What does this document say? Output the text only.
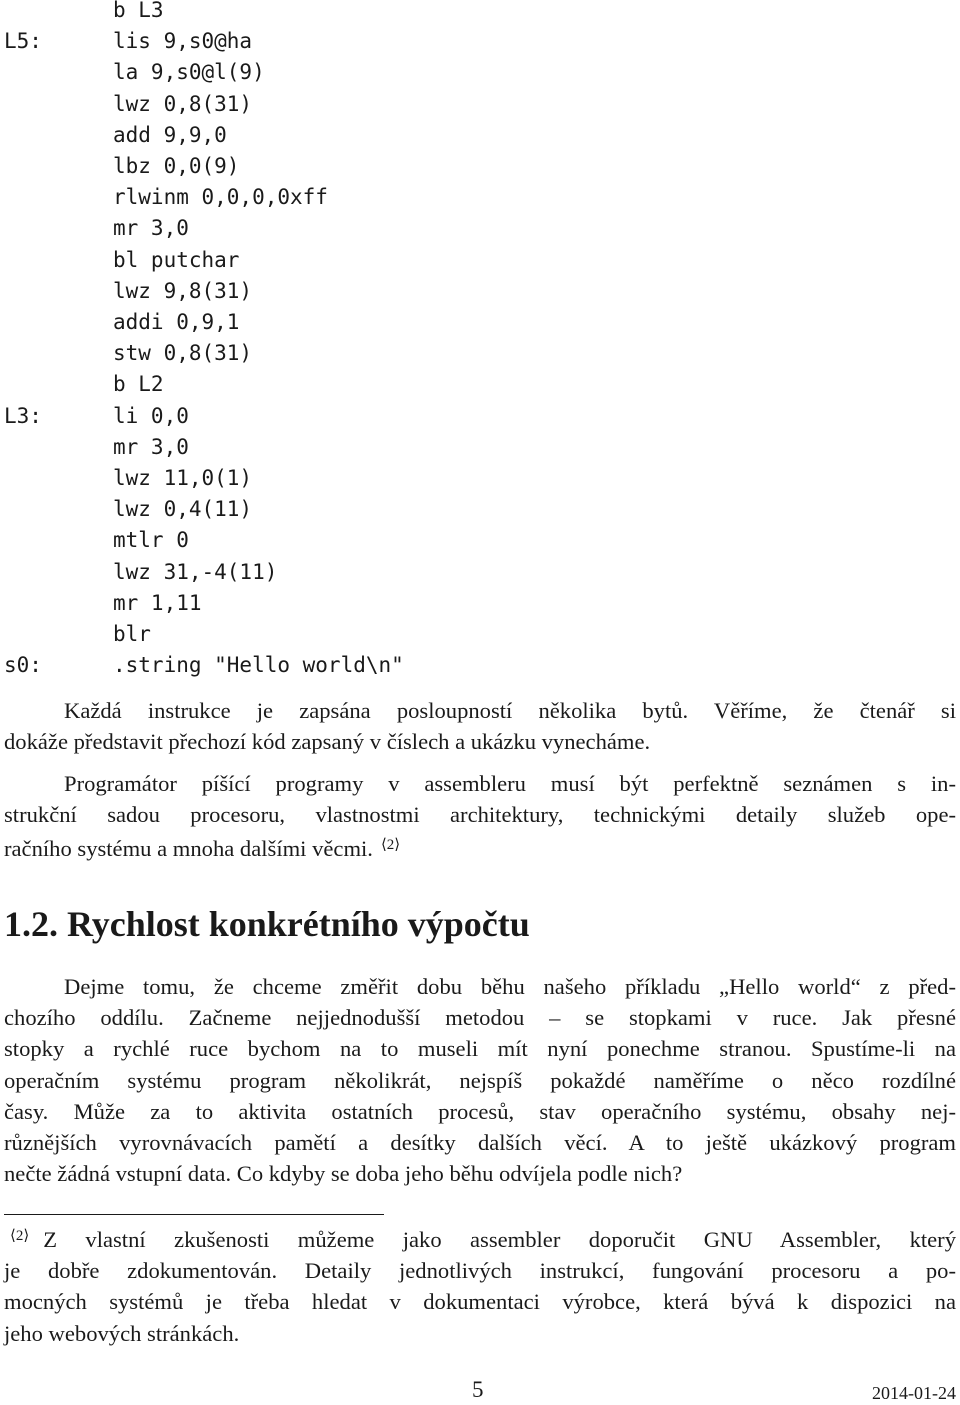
b L3
L5:	lis 9,s0@ha
la 9,s0@l(9)
lwz 0,8(31)
add 9,9,0
lbz 0,0(9)
rlwinm 0,0,0,0xff
mr 3,0
bl putchar
lwz 9,8(31)
addi 0,9,1
stw 0,8(31)
b L2
L3:	li 0,0
mr 3,0
lwz 11,0(1)
lwz 0,4(11)
mtlr 0
lwz 31,-4(11)
mr 1,11
blr
s0:	.string "Hello world\n"

Každá instrukce je zapsána posloupností několika bytů. Věříme, že čtenář si
dokáže představit přechozí kód zapsaný v číslech a ukázku vynecháme.

Programátor píšící programy v assembleru musí být perfektně seznámen s in-
strukční sadou procesoru, vlastnostmi architektury, technickými detaily služeb ope-
račního systému a mnoha dalšími věcmi. $^{⟨2⟩}$

1.2. Rychlost konkrétního výpočtu

Dejme tomu, že chceme změřit dobu běhu našeho příkladu „Hello world“ z před-
chozího oddílu. Začneme nejjednodušší metodou – se stopkami v ruce. Jak přesné
stopky a rychlé ruce bychom na to museli mít nyní ponechme stranou. Spustíme-li na
operačním systému program několikrát, nejspíš pokaždé naměříme o něco rozdílné
časy. Může za to aktivita ostatních procesů, stav operačního systému, obsahy nej-
různějších vyrovnávacích pamětí a desítky dalších věcí. A to ještě ukázkový program
nečte žádná vstupní data. Co kdyby se doba jeho běhu odvíjela podle nich?

$^{⟨2⟩}$ Z vlastní zkušenosti můžeme jako assembler doporučit GNU Assembler, který
je dobře zdokumentován. Detaily jednotlivých instrukcí, fungování procesoru a po-
mocných systémů je třeba hledat v dokumentaci výrobce, která bývá k dispozici na
jeho webových stránkách.

5	2014-01-24
